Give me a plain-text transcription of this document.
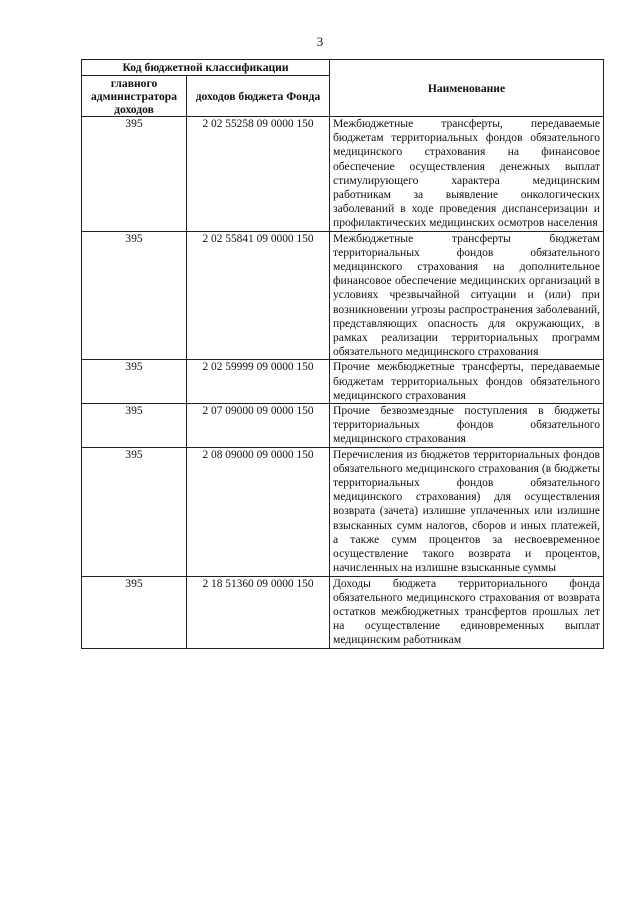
3
Код бюджетной классификации		Наименование
главного администратора доходов	доходов бюджета Фонда	
395	2 02 55258 09 0000 150	Межбюджетные трансферты, передаваемые бюджетам территориальных фондов обязательного медицинского страхования на финансовое обеспечение осуществления денежных выплат стимулирующего характера медицинским работникам за выявление онкологических заболеваний в ходе проведения диспансеризации и профилактических медицинских осмотров населения
395	2 02 55841 09 0000 150	Межбюджетные трансферты бюджетам территориальных фондов обязательного медицинского страхования на дополнительное финансовое обеспечение медицинских организаций в условиях чрезвычайной ситуации и (или) при возникновении угрозы распространения заболеваний, представляющих опасность для окружающих, в рамках реализации территориальных программ обязательного медицинского страхования
395	2 02 59999 09 0000 150	Прочие межбюджетные трансферты, передаваемые бюджетам территориальных фондов обязательного медицинского страхования
395	2 07 09000 09 0000 150	Прочие безвозмездные поступления в бюджеты территориальных фондов обязательного медицинского страхования
395	2 08 09000 09 0000 150	Перечисления из бюджетов территориальных фондов обязательного медицинского страхования (в бюджеты территориальных фондов обязательного медицинского страхования) для осуществления возврата (зачета) излишне уплаченных или излишне взысканных сумм налогов, сборов и иных платежей, а также сумм процентов за несвоевременное осуществление такого возврата и процентов, начисленных на излишне взысканные суммы
395	2 18 51360 09 0000 150	Доходы бюджета территориального фонда обязательного медицинского страхования от возврата остатков межбюджетных трансфертов прошлых лет на осуществление единовременных выплат медицинским работникам
